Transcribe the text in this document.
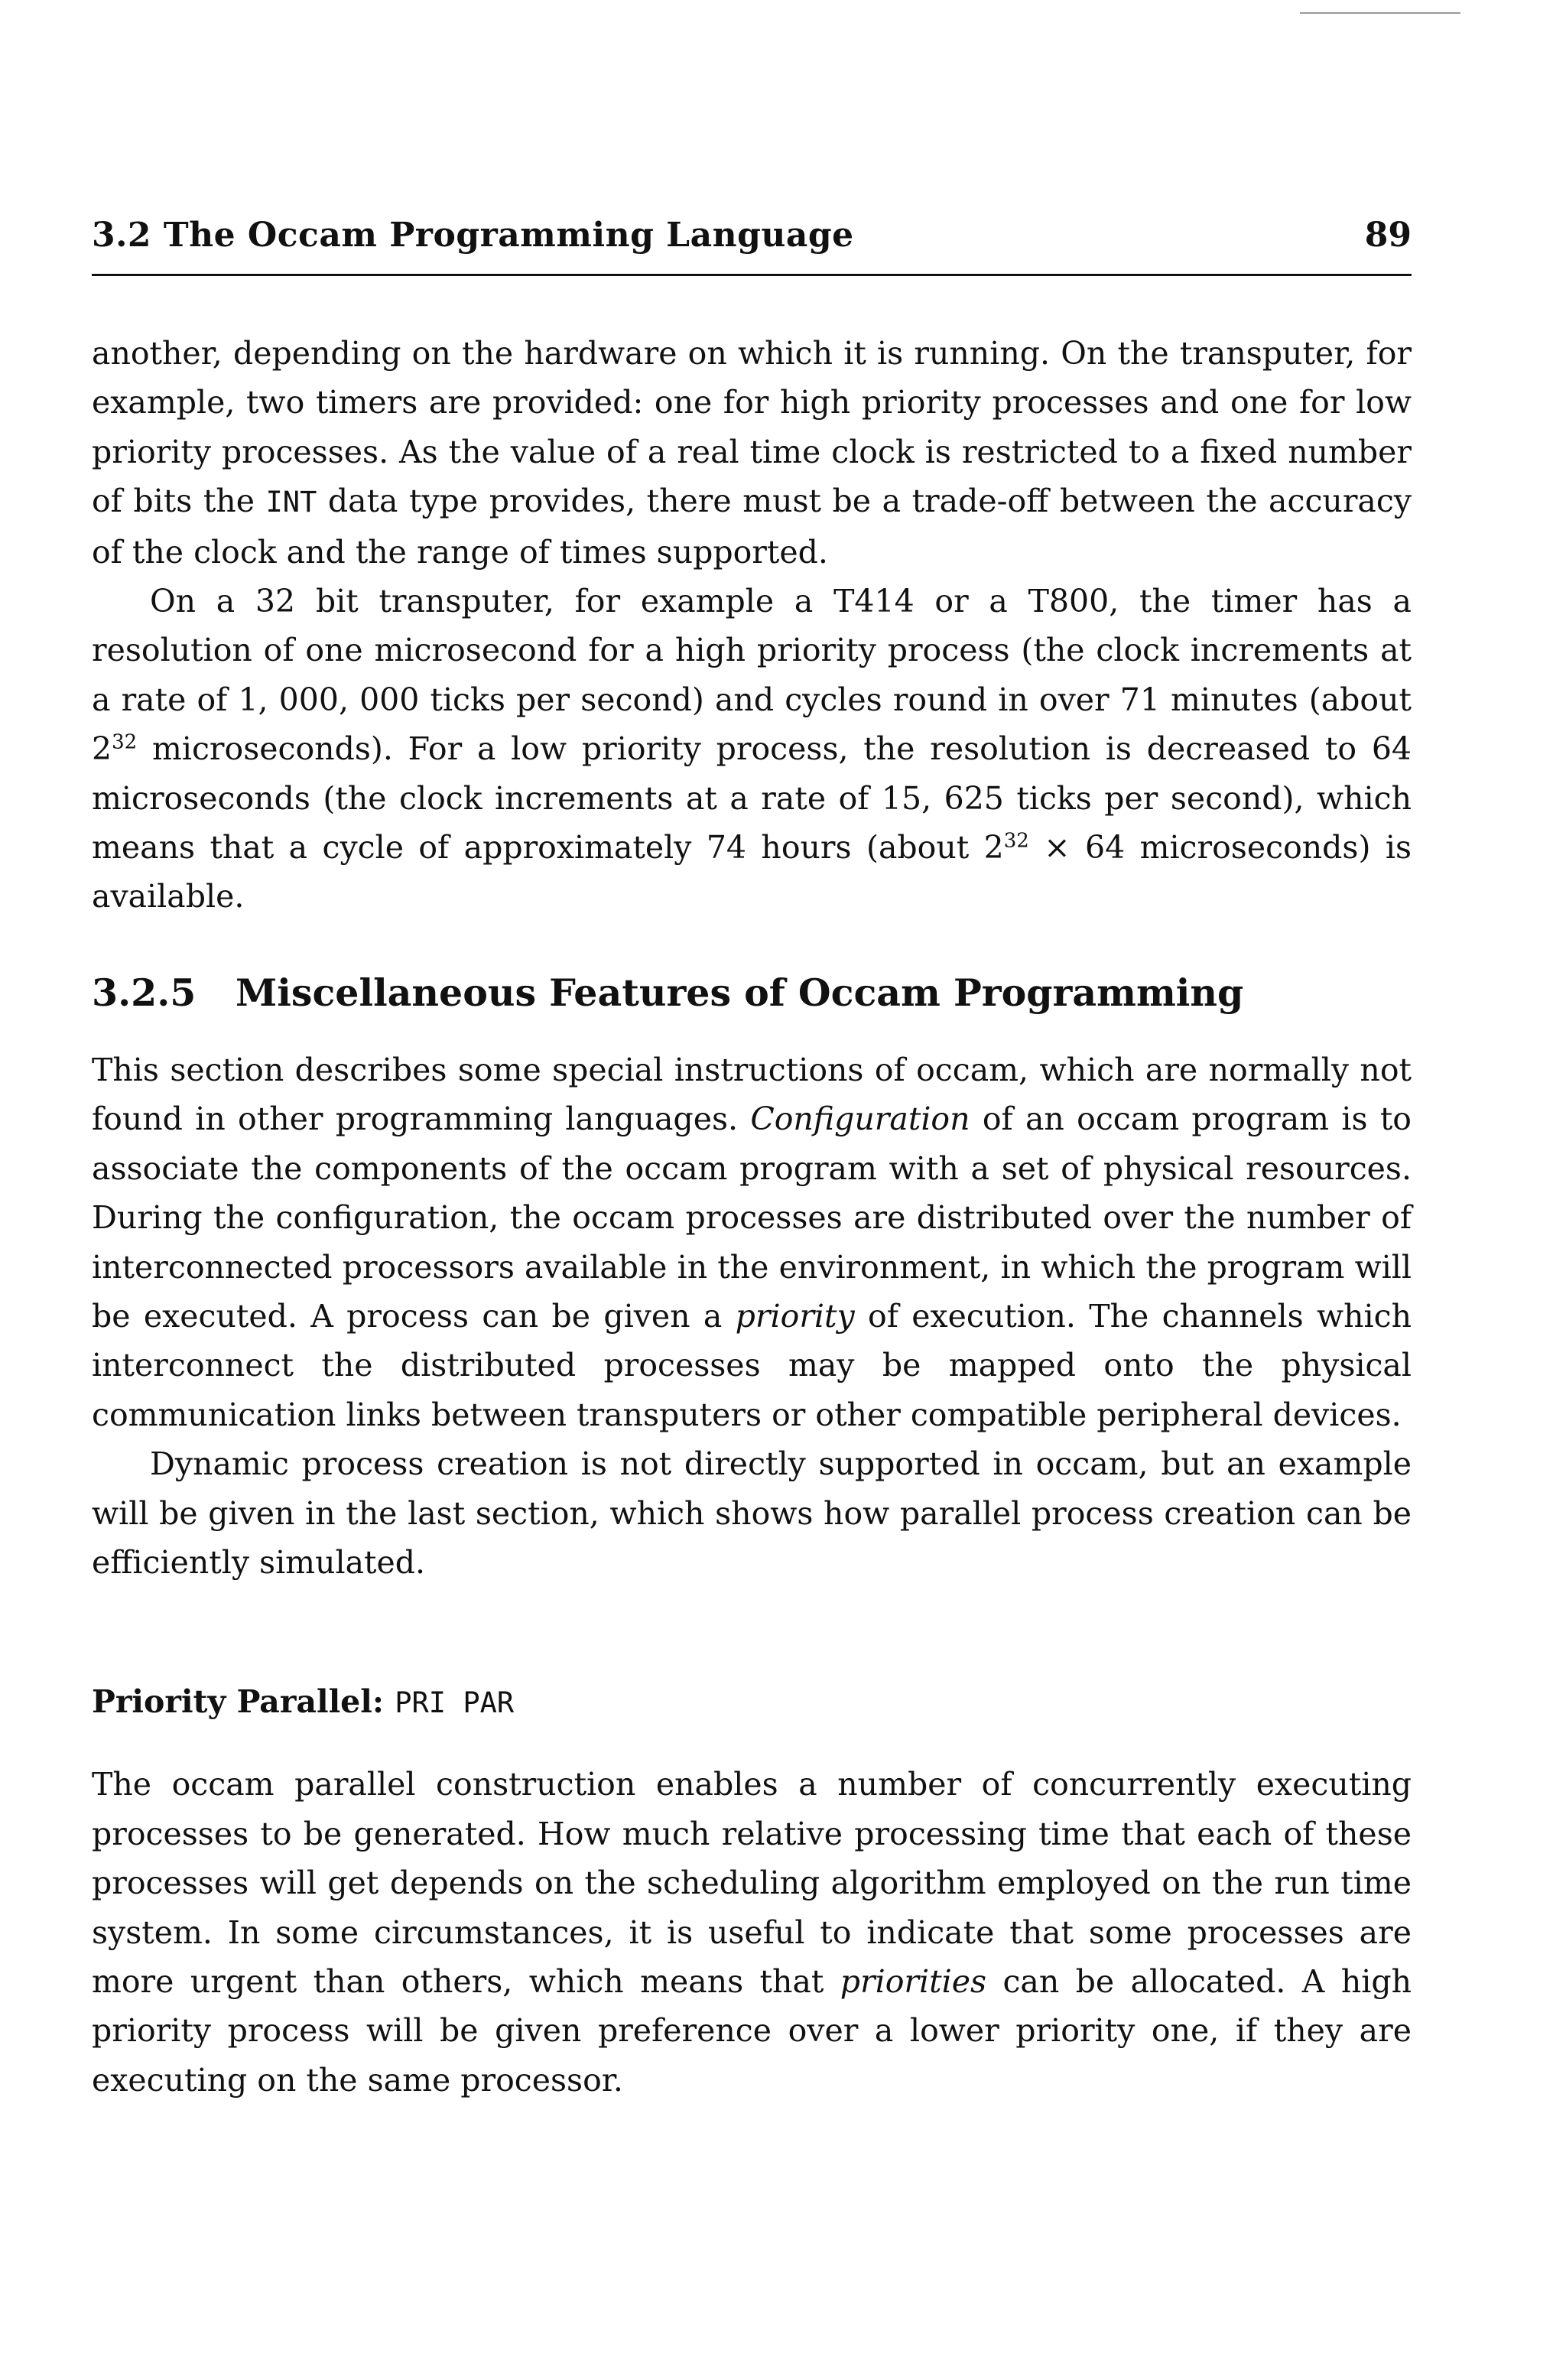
3.2 The Occam Programming Language	89

another, depending on the hardware on which it is running. On the transputer, for example, two timers are provided: one for high priority processes and one for low priority processes. As the value of a real time clock is restricted to a fixed number of bits the INT data type provides, there must be a trade-off between the accuracy of the clock and the range of times supported.

On a 32 bit transputer, for example a T414 or a T800, the timer has a resolution of one microsecond for a high priority process (the clock increments at a rate of 1, 000, 000 ticks per second) and cycles round in over 71 minutes (about $2^{32}$ microseconds). For a low priority process, the resolution is decreased to 64 microseconds (the clock increments at a rate of 15, 625 ticks per second), which means that a cycle of approximately 74 hours (about $2^{32} \times 64$ microseconds) is available.

3.2.5 Miscellaneous Features of Occam Programming

This section describes some special instructions of occam, which are normally not found in other programming languages. Configuration of an occam program is to associate the components of the occam program with a set of physical resources. During the configuration, the occam processes are distributed over the number of interconnected processors available in the environment, in which the program will be executed. A process can be given a priority of execution. The channels which interconnect the distributed processes may be mapped onto the physical communication links between transputers or other compatible peripheral devices.

Dynamic process creation is not directly supported in occam, but an example will be given in the last section, which shows how parallel process creation can be efficiently simulated.

Priority Parallel: PRI PAR

The occam parallel construction enables a number of concurrently executing processes to be generated. How much relative processing time that each of these processes will get depends on the scheduling algorithm employed on the run time system. In some circumstances, it is useful to indicate that some processes are more urgent than others, which means that priorities can be allocated. A high priority process will be given preference over a lower priority one, if they are executing on the same processor.
